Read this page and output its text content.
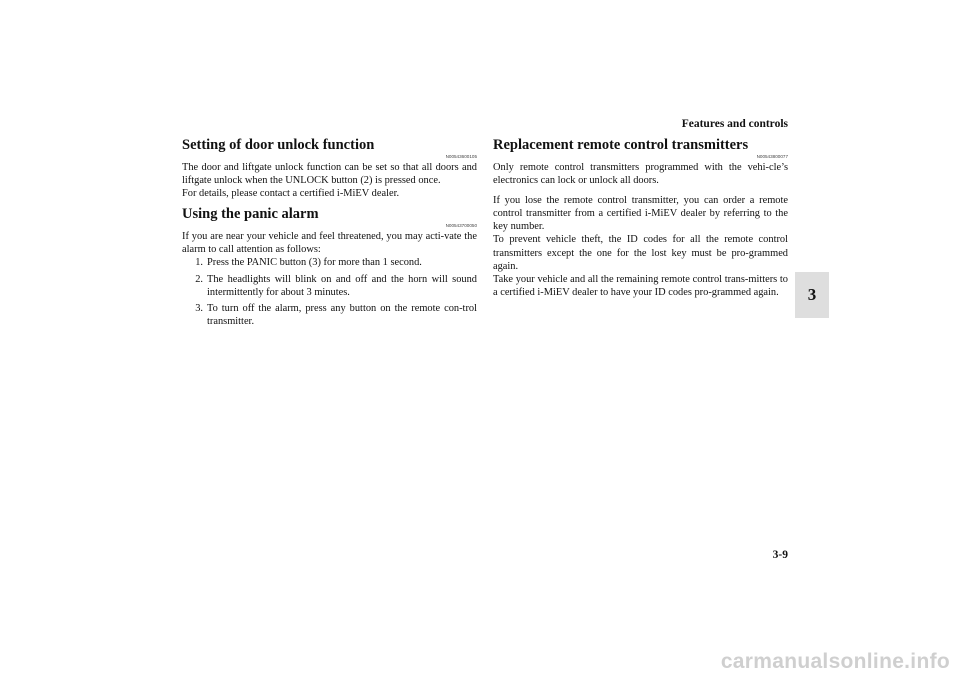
Features and controls
3
Setting of door unlock function
N00543600105

The door and liftgate unlock function can be set so that all doors and liftgate unlock when the UNLOCK button (2) is pressed once.

For details, please contact a certified i-MiEV dealer.

Using the panic alarm
N00543700050

If you are near your vehicle and feel threatened, you may acti-vate the alarm to call attention as follows:

1. Press the PANIC button (3) for more than 1 second.
2. The headlights will blink on and off and the horn will sound intermittently for about 3 minutes.
3. To turn off the alarm, press any button on the remote con-trol transmitter.
Replacement remote control transmitters
N00543800077

Only remote control transmitters programmed with the vehi-cle’s electronics can lock or unlock all doors.

If you lose the remote control transmitter, you can order a remote control transmitter from a certified i-MiEV dealer by referring to the key number.

To prevent vehicle theft, the ID codes for all the remote control transmitters except the one for the lost key must be pro-grammed again.

Take your vehicle and all the remaining remote control trans-mitters to a certified i-MiEV dealer to have your ID codes pro-grammed again.

3-9
carmanualsonline.info
